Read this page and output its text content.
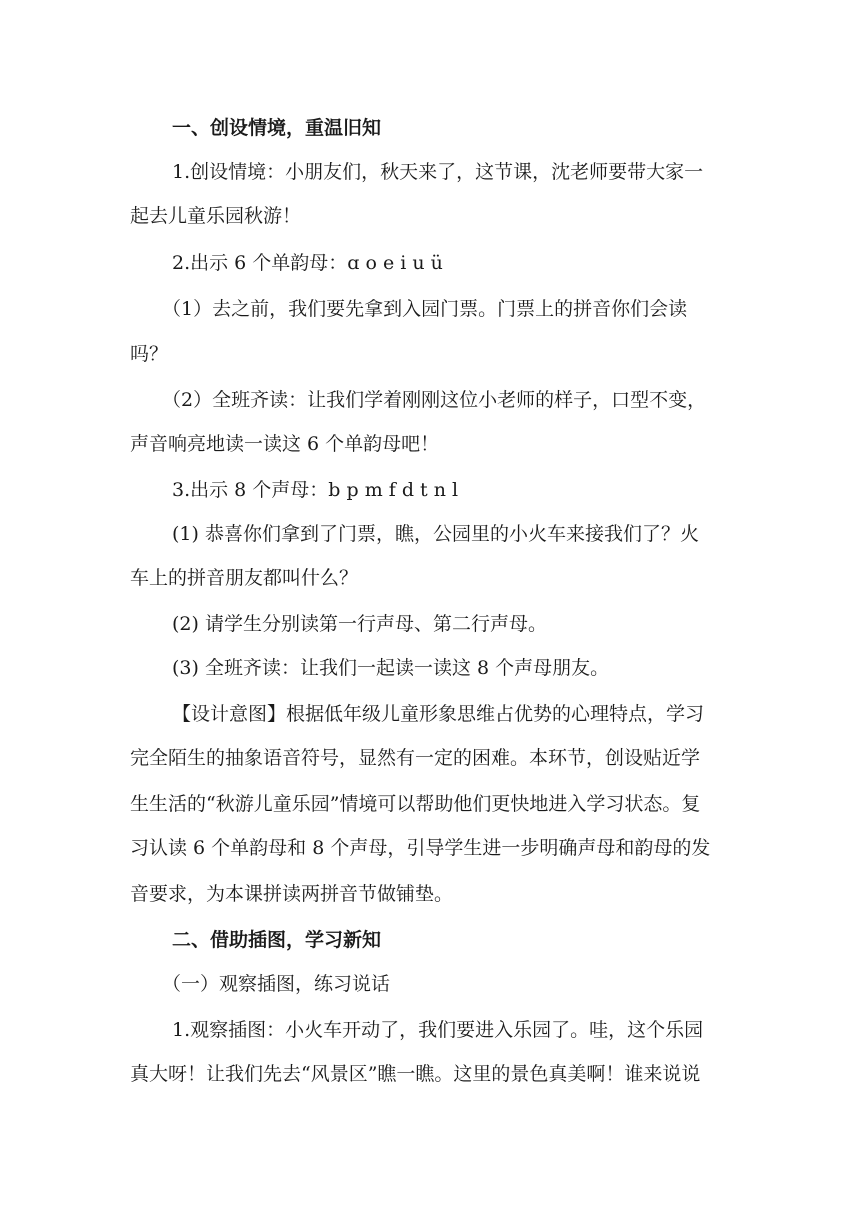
一、创设情境，重温旧知
1.创设情境：小朋友们，秋天来了，这节课，沈老师要带大家一
起去儿童乐园秋游！
2.出示 6 个单韵母：ɑ o e i u ü
（1）去之前，我们要先拿到入园门票。门票上的拼音你们会读
吗？
（2）全班齐读：让我们学着刚刚这位小老师的样子，口型不变，
声音响亮地读一读这 6 个单韵母吧！
3.出示 8 个声母：b p m f d t n l
(1) 恭喜你们拿到了门票，瞧，公园里的小火车来接我们了？火
车上的拼音朋友都叫什么？
(2) 请学生分别读第一行声母、第二行声母。
(3) 全班齐读：让我们一起读一读这 8 个声母朋友。
【设计意图】根据低年级儿童形象思维占优势的心理特点，学习
完全陌生的抽象语音符号，显然有一定的困难。本环节，创设贴近学
生生活的“秋游儿童乐园”情境可以帮助他们更快地进入学习状态。复
习认读 6 个单韵母和 8 个声母，引导学生进一步明确声母和韵母的发
音要求，为本课拼读两拼音节做铺垫。
二、借助插图，学习新知
（一）观察插图，练习说话
1.观察插图：小火车开动了，我们要进入乐园了。哇，这个乐园
真大呀！让我们先去“风景区”瞧一瞧。这里的景色真美啊！谁来说说
